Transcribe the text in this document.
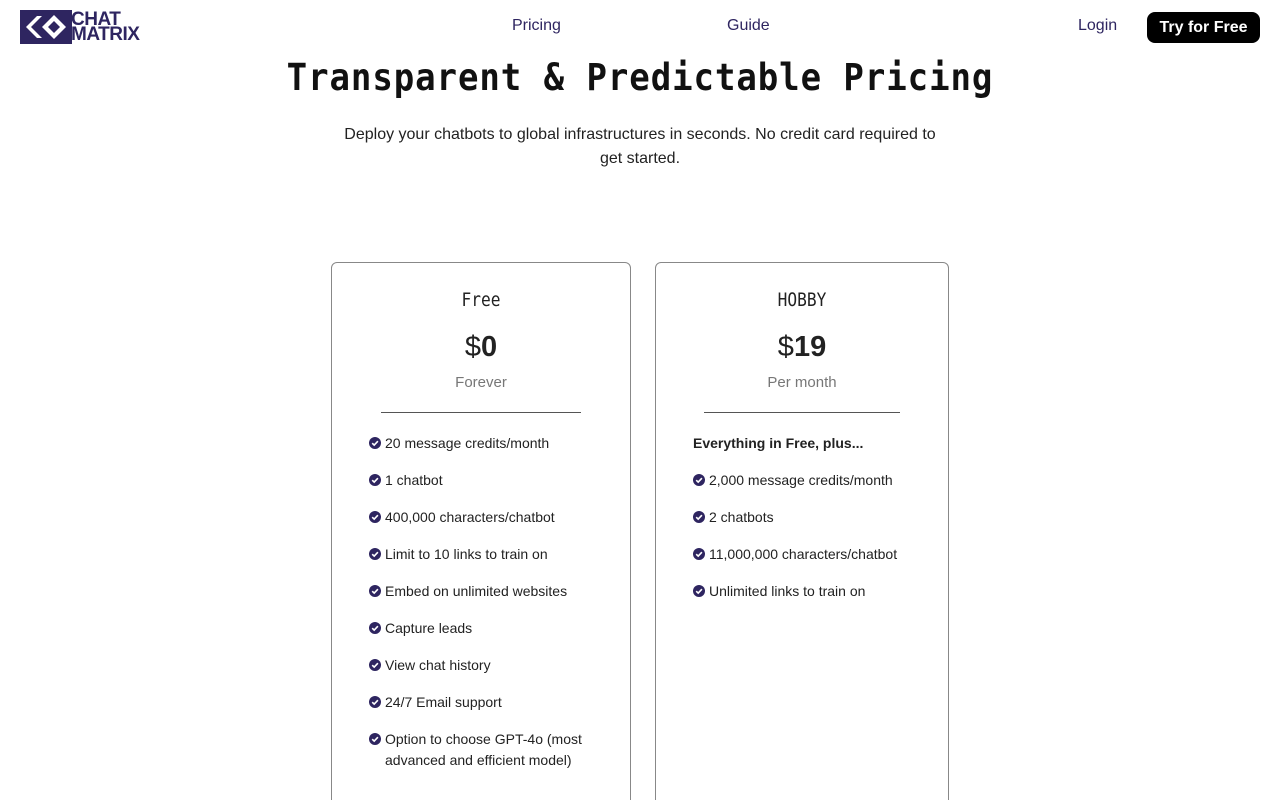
CHAT
MATRIX	Pricing	Guide	Login	Try for Free
Transparent & Predictable Pricing

Deploy your chatbots to global infrastructures in seconds. No credit card required to get started.

Free
$0
Forever
20 message credits/month
1 chatbot
400,000 characters/chatbot
Limit to 10 links to train on
Embed on unlimited websites
Capture leads
View chat history
24/7 Email support
Option to choose GPT-4o (most advanced and efficient model)
HOBBY
$19
Per month
Everything in Free, plus...
2,000 message credits/month
2 chatbots
11,000,000 characters/chatbot
Unlimited links to train on
